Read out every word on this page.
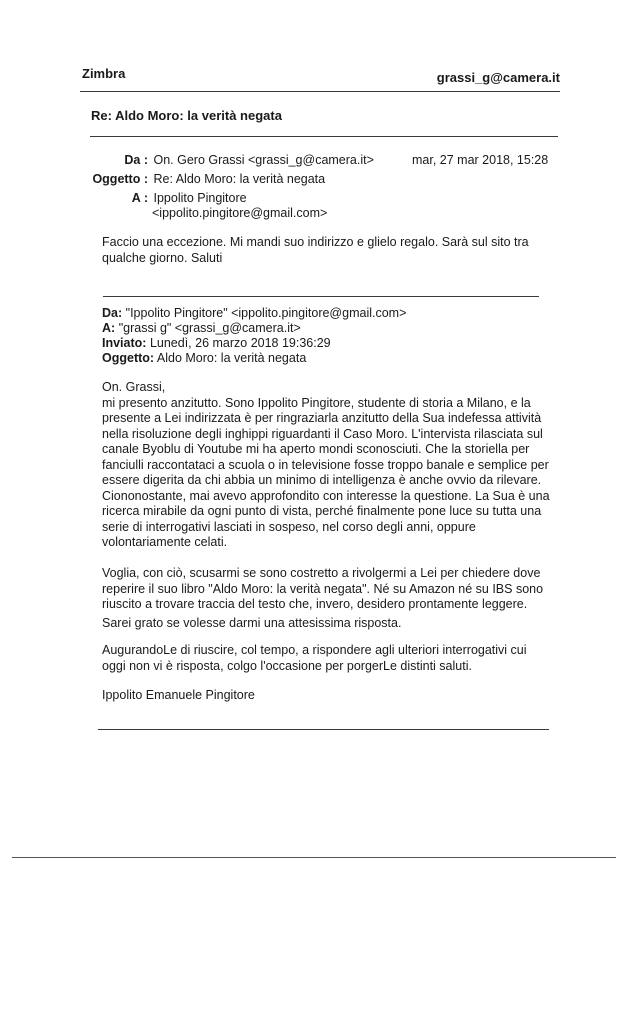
Zimbra	grassi_g@camera.it
Re: Aldo Moro: la verità negata
Da : On. Gero Grassi <grassi_g@camera.it>	mar, 27 mar 2018, 15:28
Oggetto : Re: Aldo Moro: la verità negata
A : Ippolito Pingitore
<ippolito.pingitore@gmail.com>
Faccio una eccezione. Mi mandi suo indirizzo e glielo regalo. Sarà sul sito tra
qualche giorno. Saluti
Da: "Ippolito Pingitore" <ippolito.pingitore@gmail.com>
A: "grassi g" <grassi_g@camera.it>
Inviato: Lunedì, 26 marzo 2018 19:36:29
Oggetto: Aldo Moro: la verità negata
On. Grassi,
mi presento anzitutto. Sono Ippolito Pingitore, studente di storia a Milano, e la
presente a Lei indirizzata è per ringraziarla anzitutto della Sua indefessa attività
nella risoluzione degli inghippi riguardanti il Caso Moro. L'intervista rilasciata sul
canale Byoblu di Youtube mi ha aperto mondi sconosciuti. Che la storiella per
fanciulli raccontataci a scuola o in televisione fosse troppo banale e semplice per
essere digerita da chi abbia un minimo di intelligenza è anche ovvio da rilevare.
Ciononostante, mai avevo approfondito con interesse la questione. La Sua è una
ricerca mirabile da ogni punto di vista, perché finalmente pone luce su tutta una
serie di interrogativi lasciati in sospeso, nel corso degli anni, oppure
volontariamente celati.
Voglia, con ciò, scusarmi se sono costretto a rivolgermi a Lei per chiedere dove
reperire il suo libro "Aldo Moro: la verità negata". Né su Amazon né su IBS sono
riuscito a trovare traccia del testo che, invero, desidero prontamente leggere.
Sarei grato se volesse darmi una attesissima risposta.
AugurandoLe di riuscire, col tempo, a rispondere agli ulteriori interrogativi cui
oggi non vi è risposta, colgo l'occasione per porgerLe distinti saluti.
Ippolito Emanuele Pingitore
